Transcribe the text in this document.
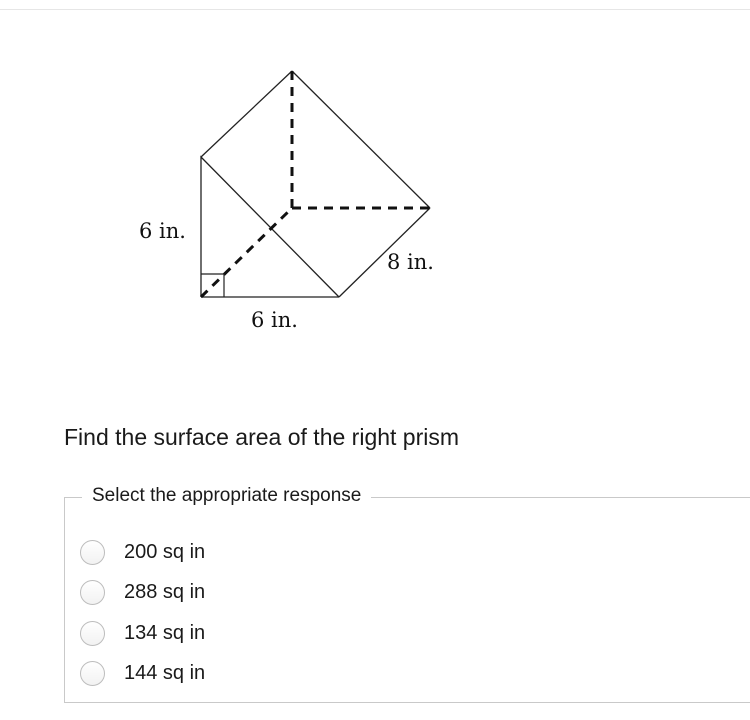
6 in.
6 in.
8 in.
Find the surface area of the right prism
Select the appropriate response
200 sq in
288 sq in
134 sq in
144 sq in
